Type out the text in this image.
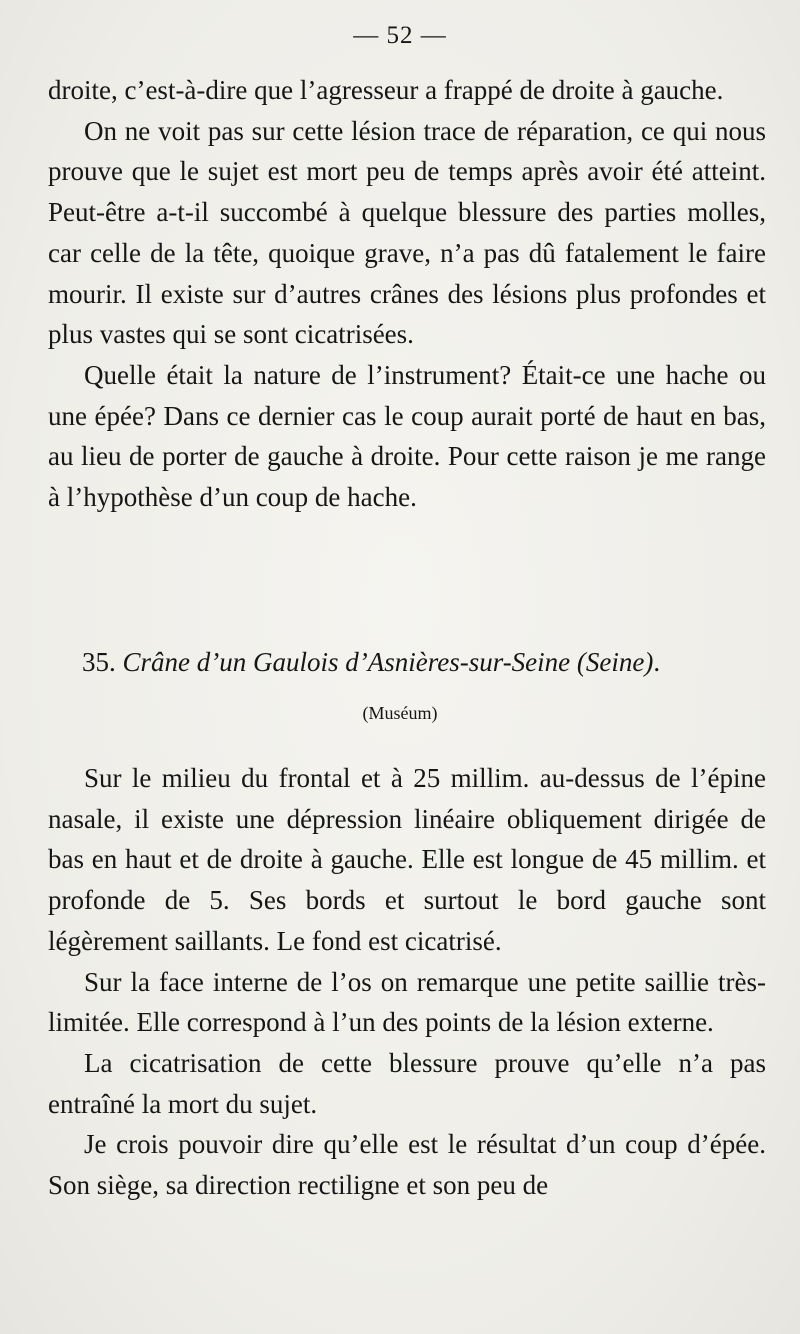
— 52 —

droite, c’est-à-dire que l’agresseur a frappé de droite à gauche.

On ne voit pas sur cette lésion trace de réparation, ce qui nous prouve que le sujet est mort peu de temps après avoir été atteint. Peut-être a-t-il succombé à quelque blessure des parties molles, car celle de la tête, quoique grave, n’a pas dû fatalement le faire mourir. Il existe sur d’autres crânes des lésions plus profondes et plus vastes qui se sont cicatrisées.

Quelle était la nature de l’instrument? Était-ce une hache ou une épée? Dans ce dernier cas le coup aurait porté de haut en bas, au lieu de porter de gauche à droite. Pour cette raison je me range à l’hypothèse d’un coup de hache.

35. Crâne d’un Gaulois d’Asnières-sur-Seine (Seine).
(Muséum)

Sur le milieu du frontal et à 25 millim. au-dessus de l’épine nasale, il existe une dépression linéaire obliquement dirigée de bas en haut et de droite à gauche. Elle est longue de 45 millim. et profonde de 5. Ses bords et surtout le bord gauche sont légèrement saillants. Le fond est cicatrisé.

Sur la face interne de l’os on remarque une petite saillie très-limitée. Elle correspond à l’un des points de la lésion externe.

La cicatrisation de cette blessure prouve qu’elle n’a pas entraîné la mort du sujet.

Je crois pouvoir dire qu’elle est le résultat d’un coup d’épée. Son siège, sa direction rectiligne et son peu de
